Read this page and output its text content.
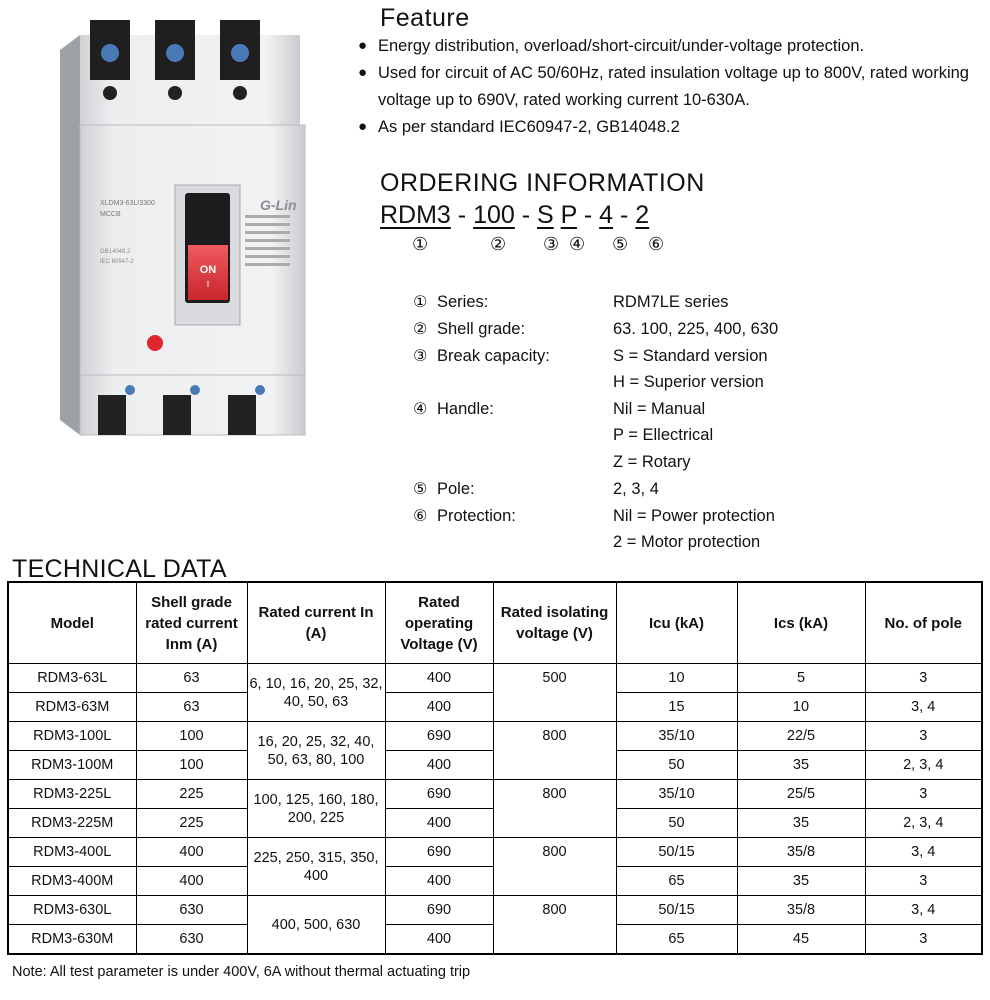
ON
I
G-Lin
XLDM3-63L/3300
MCCB
GB14048.2
IEC 60947-2
Feature
● Energy distribution, overload/short-circuit/under-voltage protection.
● Used for circuit of AC 50/60Hz, rated insulation voltage up to 800V, rated working voltage up to 690V, rated working current 10-630A.
● As per standard IEC60947-2, GB14048.2
ORDERING INFORMATION
RDM3 - 100 - S P - 4 - 2
①	② ③ ④ ⑤ ⑥
① Series:	RDM7LE series
② Shell grade:	63. 100, 225, 400, 630
③ Break capacity:	S = Standard version
H = Superior version
④ Handle:	Nil = Manual
P = Ellectrical
Z = Rotary
⑤ Pole:	2, 3, 4
⑥ Protection:	Nil = Power protection
2 = Motor protection
TECHNICAL DATA
Model	Shell grade rated current Inm (A)	Rated current In (A)	Rated operating Voltage (V)	Rated isolating voltage (V)	Icu (kA)	Ics (kA)	No. of pole
RDM3-63L	63	6, 10, 16, 20, 25, 32, 40, 50, 63	400	500	10	5	3
RDM3-63M	63		400		15	10	3, 4
RDM3-100L	100	16, 20, 25, 32, 40, 50, 63, 80, 100	690	800	35/10	22/5	3
RDM3-100M	100		400		50	35	2, 3, 4
RDM3-225L	225	100, 125, 160, 180, 200, 225	690	800	35/10	25/5	3
RDM3-225M	225		400		50	35	2, 3, 4
RDM3-400L	400	225, 250, 315, 350, 400	690	800	50/15	35/8	3, 4
RDM3-400M	400		400		65	35	3
RDM3-630L	630	400, 500, 630	690	800	50/15	35/8	3, 4
RDM3-630M	630		400		65	45	3
Note: All test parameter is under 400V, 6A without thermal actuating trip
